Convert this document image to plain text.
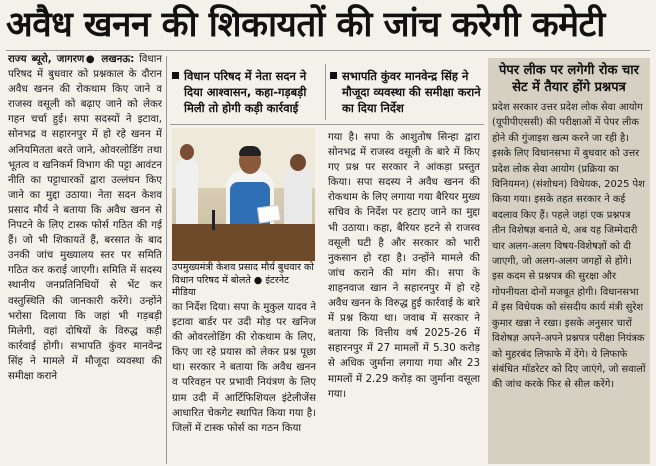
अवैध खनन की शिकायतों की जांच करेगी कमेटी

राज्य ब्यूरो, जागरण● लखनऊ: विधान परिषद में बुधवार को प्रश्नकाल के दौरान अवैध खनन की रोकथाम किए जाने व राजस्व वसूली को बढ़ाए जाने को लेकर गहन चर्चा हुई। सपा सदस्यों ने इटावा, सोनभद्र व सहारनपुर में हो रहे खनन में अनियमितता बरते जाने, ओवरलोडिंग तथा भूतत्व व खनिकर्म विभाग की पट्टा आवंटन नीति का पट्टाधारकों द्वारा उल्लंघन किए जाने का मुद्दा उठाया। नेता सदन केशव प्रसाद मौर्य ने बताया कि अवैध खनन से निपटने के लिए टास्क फोर्स गठित की गई हैं। जो भी शिकायतें हैं, बरसात के बाद उनकी जांच मुख्यालय स्तर पर समिति गठित कर कराई जाएगी। समिति में सदस्य स्थानीय जनप्रतिनिधियों से भेंट कर वस्तुस्थिति की जानकारी करेंगे। उन्होंने भरोसा दिलाया कि जहां भी गड़बड़ी मिलेगी, वहां दोषियों के विरुद्ध कड़ी कार्रवाई होगी। सभापति कुंवर मानवेन्द्र सिंह ने मामले में मौजूदा व्यवस्था की समीक्षा कराने

विधान परिषद में नेता सदन ने दिया आश्वासन, कहा-गड़बड़ी मिली तो होगी कड़ी कार्रवाई
सभापति कुंवर मानवेन्द्र सिंह ने मौजूदा व्यवस्था की समीक्षा कराने का दिया निर्देश
उपमुख्यमंत्री केशव प्रसाद मौर्य बुधवार को विधान परिषद में बोलते ● इंटरनेट मीडिया

का निर्देश दिया। सपा के मुकुल यादव ने इटावा बार्डर पर उदी मोड़ पर खनिज की ओवरलोडिंग की रोकथाम के लिए, किए जा रहे प्रयास को लेकर प्रश्न पूछा था। सरकार ने बताया कि अवैध खनन व परिवहन पर प्रभावी नियंत्रण के लिए ग्राम उदी में आर्टिफिशियल इंटेलीजेंस आधारित चेकगेट स्थापित किया गया है। जिलों में टास्क फोर्स का गठन किया

गया है। सपा के आशुतोष सिन्हा द्वारा सोनभद्र में राजस्व वसूली के बारे में किए गए प्रश्न पर सरकार ने आंकड़ा प्रस्तुत किया। सपा सदस्य ने अवैध खनन की रोकथाम के लिए लगाया गया बैरियर मुख्य सचिव के निर्देश पर हटाए जाने का मुद्दा भी उठाया। कहा, बैरियर हटने से राजस्व वसूली घटी है और सरकार को भारी नुकसान हो रहा है। उन्होंने मामले की जांच कराने की मांग की। सपा के शाहनवाज खान ने सहारनपुर में हो रहे अवैध खनन के विरुद्ध हुई कार्रवाई के बारे में प्रश्न किया था। जवाब में सरकार ने बताया कि वित्तीय वर्ष 2025-26 में सहारनपुर में 27 मामलों में 5.30 करोड़ से अधिक जुर्माना लगाया गया और 23 मामलों में 2.29 करोड़ का जुर्माना वसूला गया।

पेपर लीक पर लगेगी रोक चार सेट में तैयार होंगे प्रश्नपत्र
प्रदेश सरकार उत्तर प्रदेश लोक सेवा आयोग (यूपीपीएससी) की परीक्षाओं में पेपर लीक होने की गुंजाइश खत्म करने जा रही है। इसके लिए विधानसभा में बुधवार को उत्तर प्रदेश लोक सेवा आयोग (प्रक्रिया का विनियमन) (संशोधन) विधेयक, 2025 पेश किया गया। इसके तहत सरकार ने कई बदलाव किए हैं। पहले जहां एक प्रश्नपत्र तीन विशेषज्ञ बनाते थे, अब यह जिम्मेदारी चार अलग-अलग विषय-विशेषज्ञों को दी जाएगी, जो अलग-अलग जगहों से होंगे। इस कदम से प्रश्नपत्र की सुरक्षा और गोपनीयता दोनों मजबूत होगी। विधानसभा में इस विधेयक को संसदीय कार्य मंत्री सुरेश कुमार खन्ना ने रखा। इसके अनुसार चारों विशेषज्ञ अपने-अपने प्रश्नपत्र परीक्षा नियंत्रक को मुहरबंद लिफाफे में देंगे। ये लिफाफे संबंधित मॉडरेटर को दिए जाएंगे, जो सवालों की जांच करके फिर से सील करेंगे।
